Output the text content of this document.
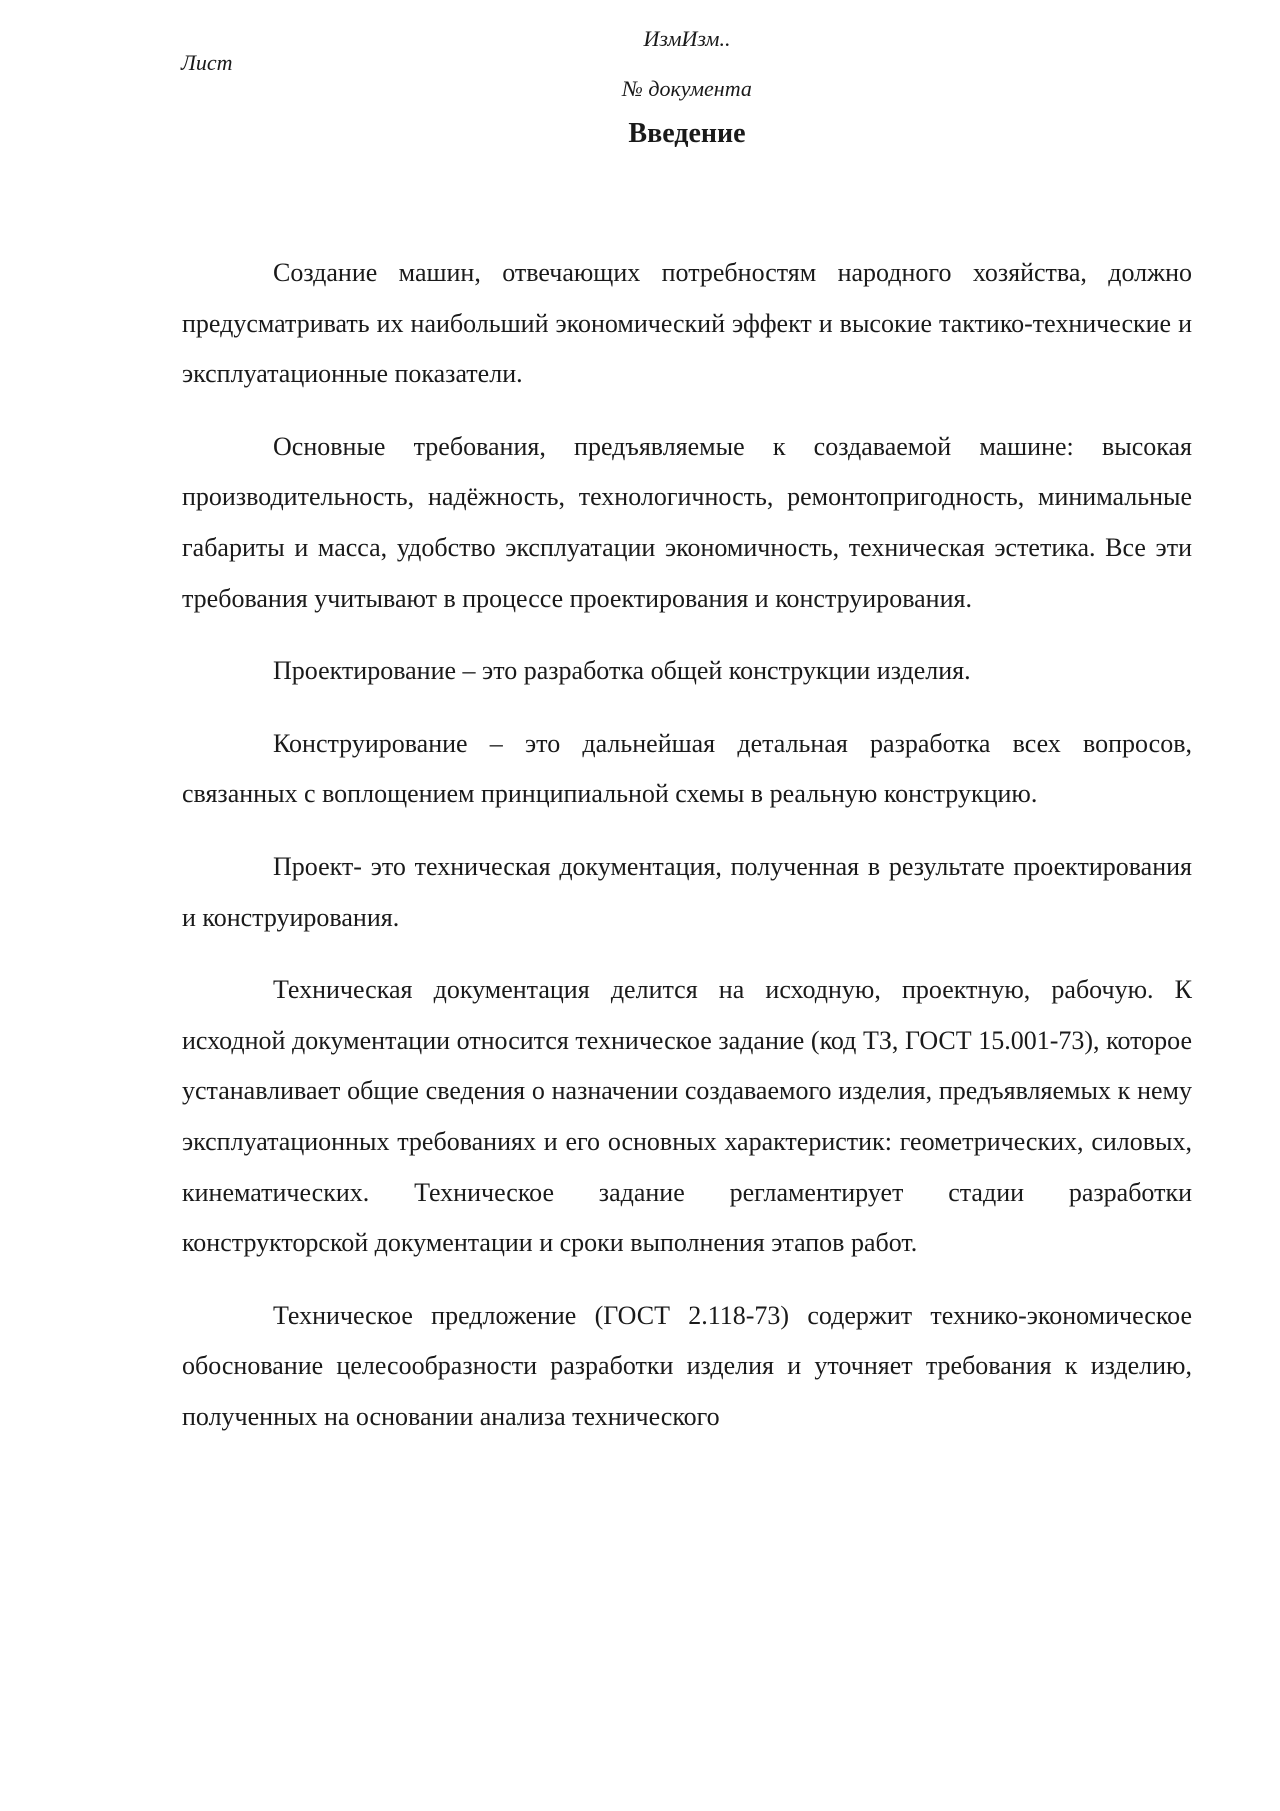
ИзмИзм..
Лист
№ документа
Введение

Создание машин, отвечающих потребностям народного хозяйства, должно предусматривать их наибольший экономический эффект и высокие тактико-технические и эксплуатационные показатели.

Основные требования, предъявляемые к создаваемой машине: высокая производительность, надёжность, технологичность, ремонтопригодность, минимальные габариты и масса, удобство эксплуатации экономичность, техническая эстетика. Все эти требования учитывают в процессе проектирования и конструирования.

Проектирование – это разработка общей конструкции изделия.

Конструирование – это дальнейшая детальная разработка всех вопросов, связанных с воплощением принципиальной схемы в реальную конструкцию.

Проект- это техническая документация, полученная в результате проектирования и конструирования.

Техническая документация делится на исходную, проектную, рабочую. К исходной документации относится техническое задание (код ТЗ, ГОСТ 15.001-73), которое устанавливает общие сведения о назначении создаваемого изделия, предъявляемых к нему эксплуатационных требованиях и его основных характеристик: геометрических, силовых, кинематических. Техническое задание регламентирует стадии разработки конструкторской документации и сроки выполнения этапов работ.

Техническое предложение (ГОСТ 2.118-73) содержит технико-экономическое обоснование целесообразности разработки изделия и уточняет требования к изделию, полученных на основании анализа технического
